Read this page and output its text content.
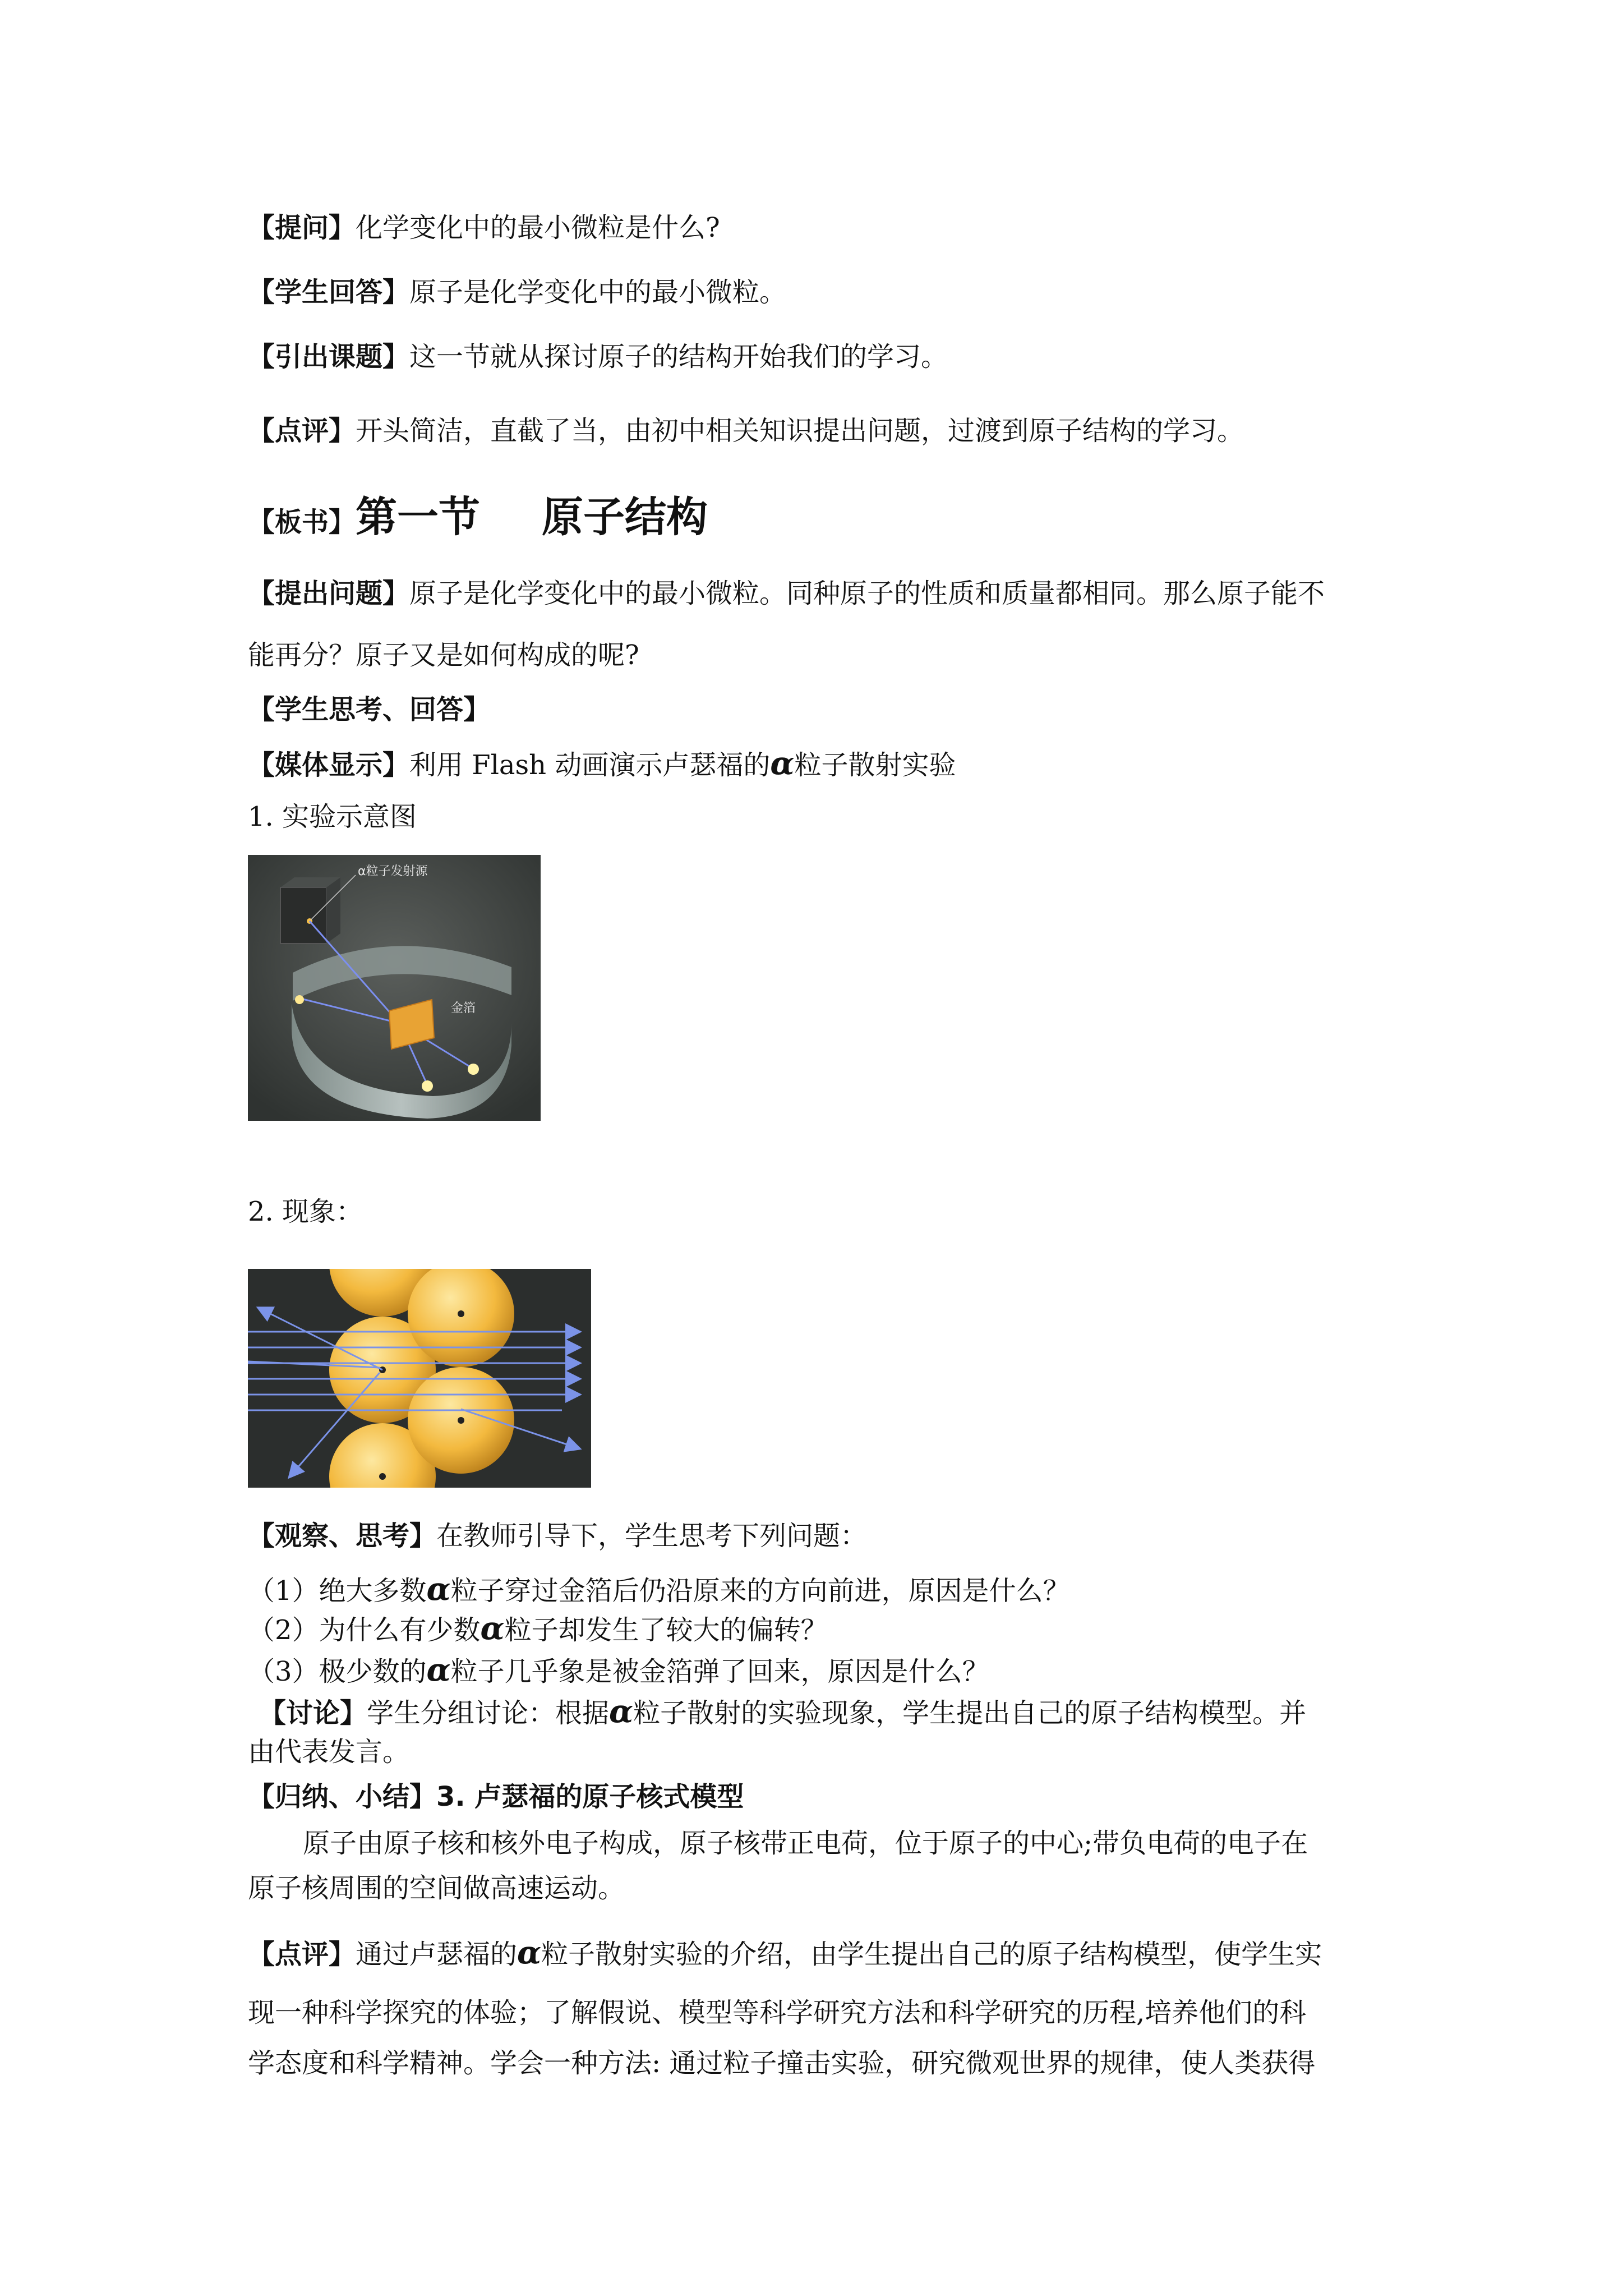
【提问】化学变化中的最小微粒是什么?
【学生回答】原子是化学变化中的最小微粒。
【引出课题】这一节就从探讨原子的结构开始我们的学习。
【点评】开头简洁，直截了当，由初中相关知识提出问题，过渡到原子结构的学习。
【板书】第一节 原子结构
【提出问题】原子是化学变化中的最小微粒。同种原子的性质和质量都相同。那么原子能不
能再分？原子又是如何构成的呢?
【学生思考、回答】
【媒体显示】利用 Flash 动画演示卢瑟福的α粒子散射实验
1. 实验示意图
α粒子发射源
金箔
2. 现象：
【观察、思考】在教师引导下，学生思考下列问题：
（1）绝大多数α粒子穿过金箔后仍沿原来的方向前进，原因是什么？
（2）为什么有少数α粒子却发生了较大的偏转？
（3）极少数的α粒子几乎象是被金箔弹了回来，原因是什么？
【讨论】学生分组讨论：根据α粒子散射的实验现象，学生提出自己的原子结构模型。并
由代表发言。
【归纳、小结】3. 卢瑟福的原子核式模型
原子由原子核和核外电子构成，原子核带正电荷，位于原子的中心;带负电荷的电子在
原子核周围的空间做高速运动。
【点评】通过卢瑟福的α粒子散射实验的介绍，由学生提出自己的原子结构模型，使学生实
现一种科学探究的体验；了解假说、模型等科学研究方法和科学研究的历程,培养他们的科
学态度和科学精神。学会一种方法: 通过粒子撞击实验，研究微观世界的规律，使人类获得
